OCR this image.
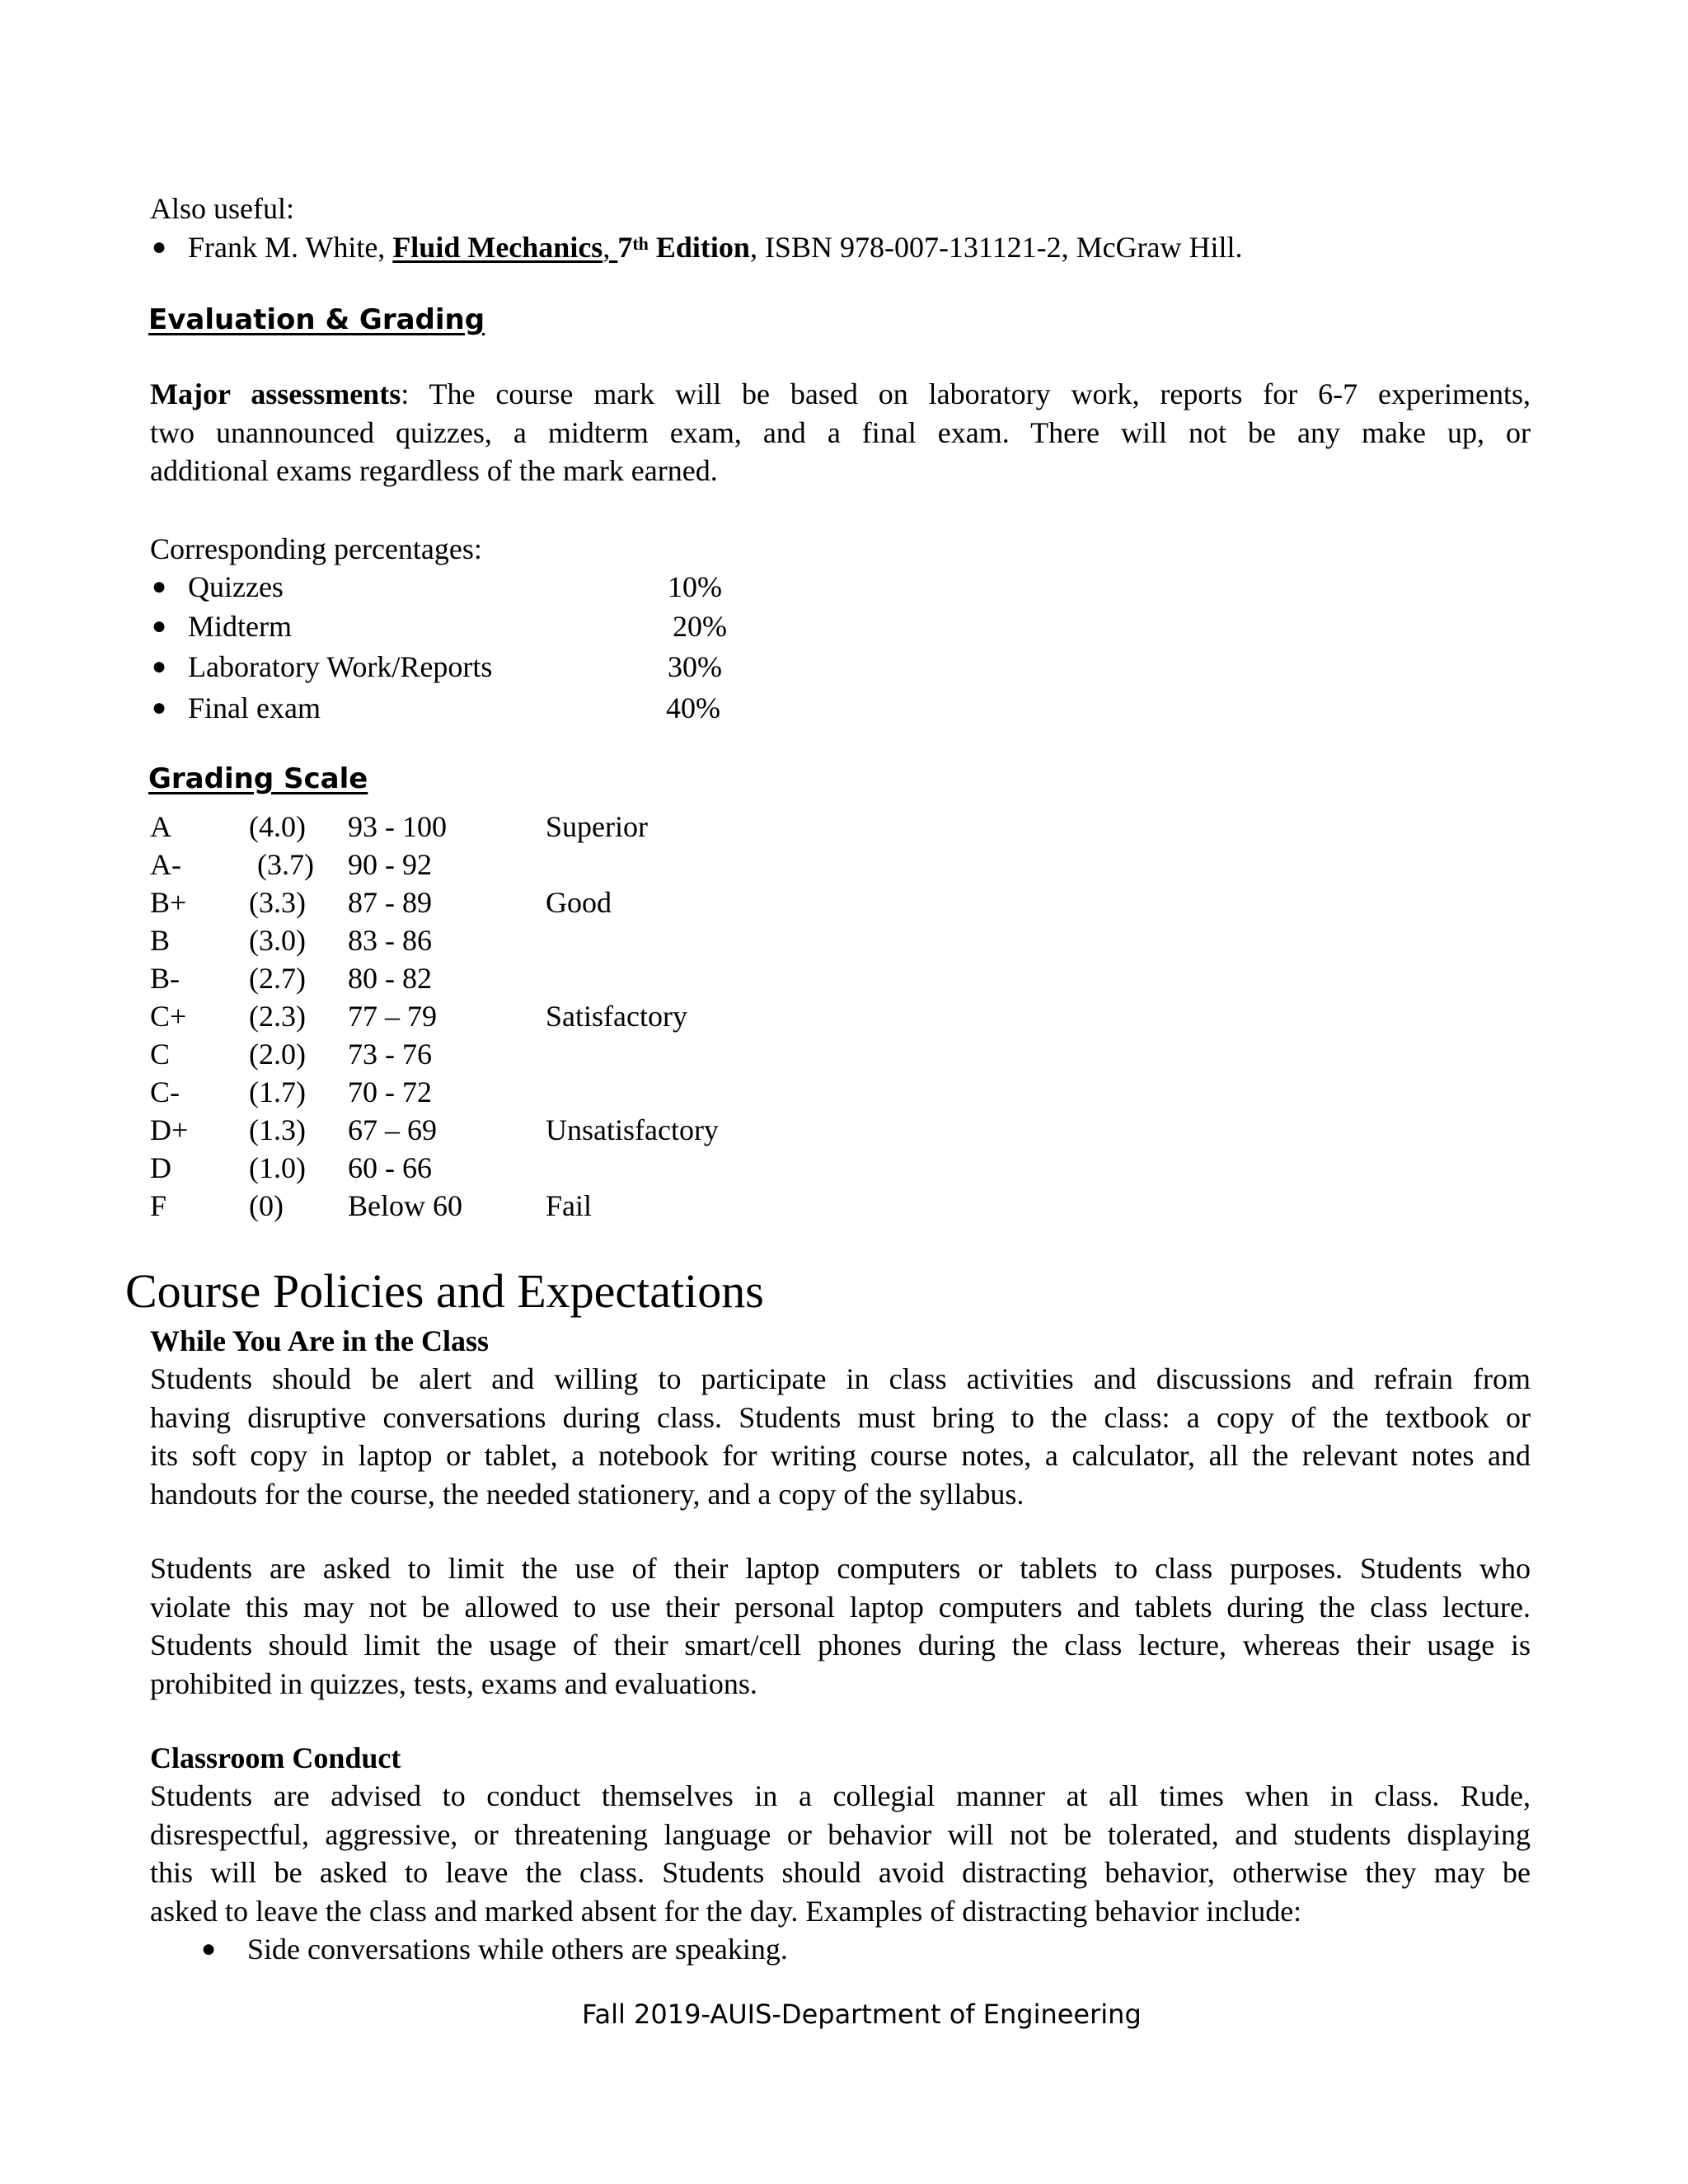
Also useful:
● Frank M. White, Fluid Mechanics, 7th Edition, ISBN 978-007-131121-2, McGraw Hill.
Evaluation & Grading
Major assessments: The course mark will be based on laboratory work, reports for 6-7 experiments,
two unannounced quizzes, a midterm exam, and a final exam. There will not be any make up, or
additional exams regardless of the mark earned.
Corresponding percentages:
● Quizzes	10%
● Midterm	20%
● Laboratory Work/Reports	30%
● Final exam	40%
Grading Scale
A	(4.0) 93 - 100	Superior
A-	(3.7) 90 - 92
B+ (3.3) 87 - 89	Good
B	(3.0) 83 - 86
B- (2.7) 80 - 82
C+ (2.3) 77 – 79	Satisfactory
C	(2.0) 73 - 76
C- (1.7) 70 - 72
D+ (1.3) 67 – 69	Unsatisfactory
D	(1.0) 60 - 66
F	(0) Below 60	Fail
Course Policies and Expectations
While You Are in the Class
Students should be alert and willing to participate in class activities and discussions and refrain from
having disruptive conversations during class. Students must bring to the class: a copy of the textbook or
its soft copy in laptop or tablet, a notebook for writing course notes, a calculator, all the relevant notes and
handouts for the course, the needed stationery, and a copy of the syllabus.
Students are asked to limit the use of their laptop computers or tablets to class purposes. Students who
violate this may not be allowed to use their personal laptop computers and tablets during the class lecture.
Students should limit the usage of their smart/cell phones during the class lecture, whereas their usage is
prohibited in quizzes, tests, exams and evaluations.
Classroom Conduct
Students are advised to conduct themselves in a collegial manner at all times when in class. Rude,
disrespectful, aggressive, or threatening language or behavior will not be tolerated, and students displaying
this will be asked to leave the class. Students should avoid distracting behavior, otherwise they may be
asked to leave the class and marked absent for the day. Examples of distracting behavior include:
● Side conversations while others are speaking.
Fall 2019-AUIS-Department of Engineering
